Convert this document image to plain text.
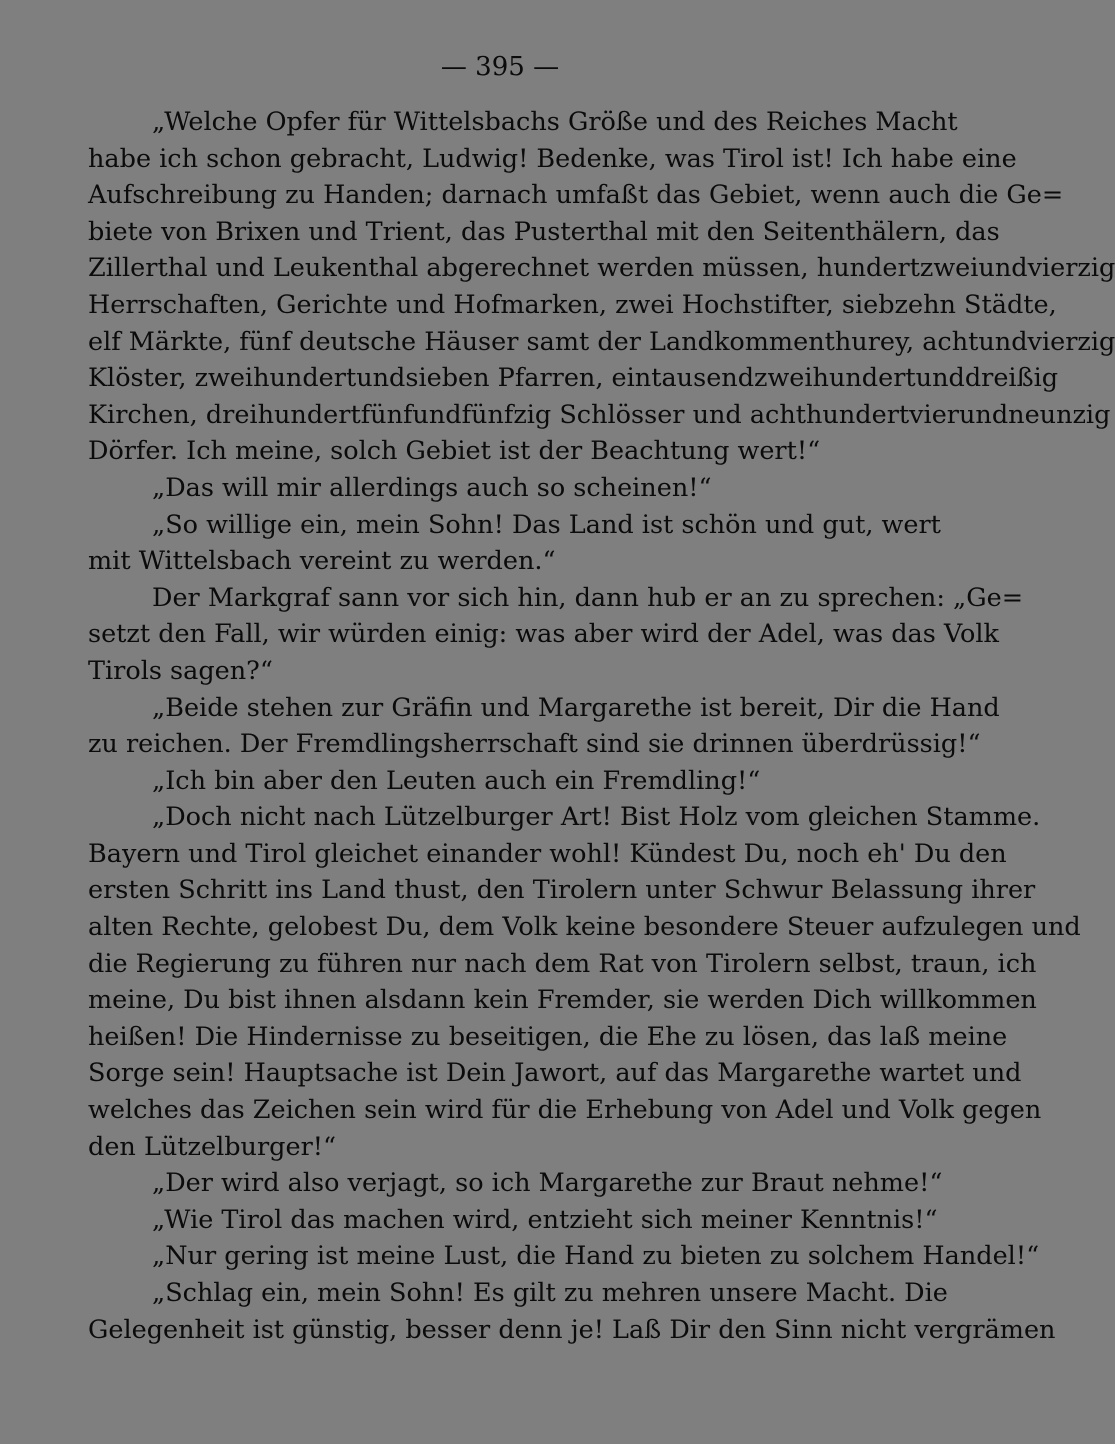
— 395 —
„Welche Opfer für Wittelsbachs Größe und des Reiches Macht
habe ich schon gebracht, Ludwig! Bedenke, was Tirol ist! Ich habe eine
Aufschreibung zu Handen; darnach umfaßt das Gebiet, wenn auch die Ge=
biete von Brixen und Trient, das Pusterthal mit den Seitenthälern, das
Zillerthal und Leukenthal abgerechnet werden müssen, hundertzweiundvierzig
Herrschaften, Gerichte und Hofmarken, zwei Hochstifter, siebzehn Städte,
elf Märkte, fünf deutsche Häuser samt der Landkommenthurey, achtundvierzig
Klöster, zweihundertundsieben Pfarren, eintausendzweihundertunddreißig
Kirchen, dreihundertfünfundfünfzig Schlösser und achthundertvierundneunzig
Dörfer. Ich meine, solch Gebiet ist der Beachtung wert!“
„Das will mir allerdings auch so scheinen!“
„So willige ein, mein Sohn! Das Land ist schön und gut, wert
mit Wittelsbach vereint zu werden.“
Der Markgraf sann vor sich hin, dann hub er an zu sprechen: „Ge=
setzt den Fall, wir würden einig: was aber wird der Adel, was das Volk
Tirols sagen?“
„Beide stehen zur Gräfin und Margarethe ist bereit, Dir die Hand
zu reichen. Der Fremdlingsherrschaft sind sie drinnen überdrüssig!“
„Ich bin aber den Leuten auch ein Fremdling!“
„Doch nicht nach Lützelburger Art! Bist Holz vom gleichen Stamme.
Bayern und Tirol gleichet einander wohl! Kündest Du, noch eh' Du den
ersten Schritt ins Land thust, den Tirolern unter Schwur Belassung ihrer
alten Rechte, gelobest Du, dem Volk keine besondere Steuer aufzulegen und
die Regierung zu führen nur nach dem Rat von Tirolern selbst, traun, ich
meine, Du bist ihnen alsdann kein Fremder, sie werden Dich willkommen
heißen! Die Hindernisse zu beseitigen, die Ehe zu lösen, das laß meine
Sorge sein! Hauptsache ist Dein Jawort, auf das Margarethe wartet und
welches das Zeichen sein wird für die Erhebung von Adel und Volk gegen
den Lützelburger!“
„Der wird also verjagt, so ich Margarethe zur Braut nehme!“
„Wie Tirol das machen wird, entzieht sich meiner Kenntnis!“
„Nur gering ist meine Lust, die Hand zu bieten zu solchem Handel!“
„Schlag ein, mein Sohn! Es gilt zu mehren unsere Macht. Die
Gelegenheit ist günstig, besser denn je! Laß Dir den Sinn nicht vergrämen
